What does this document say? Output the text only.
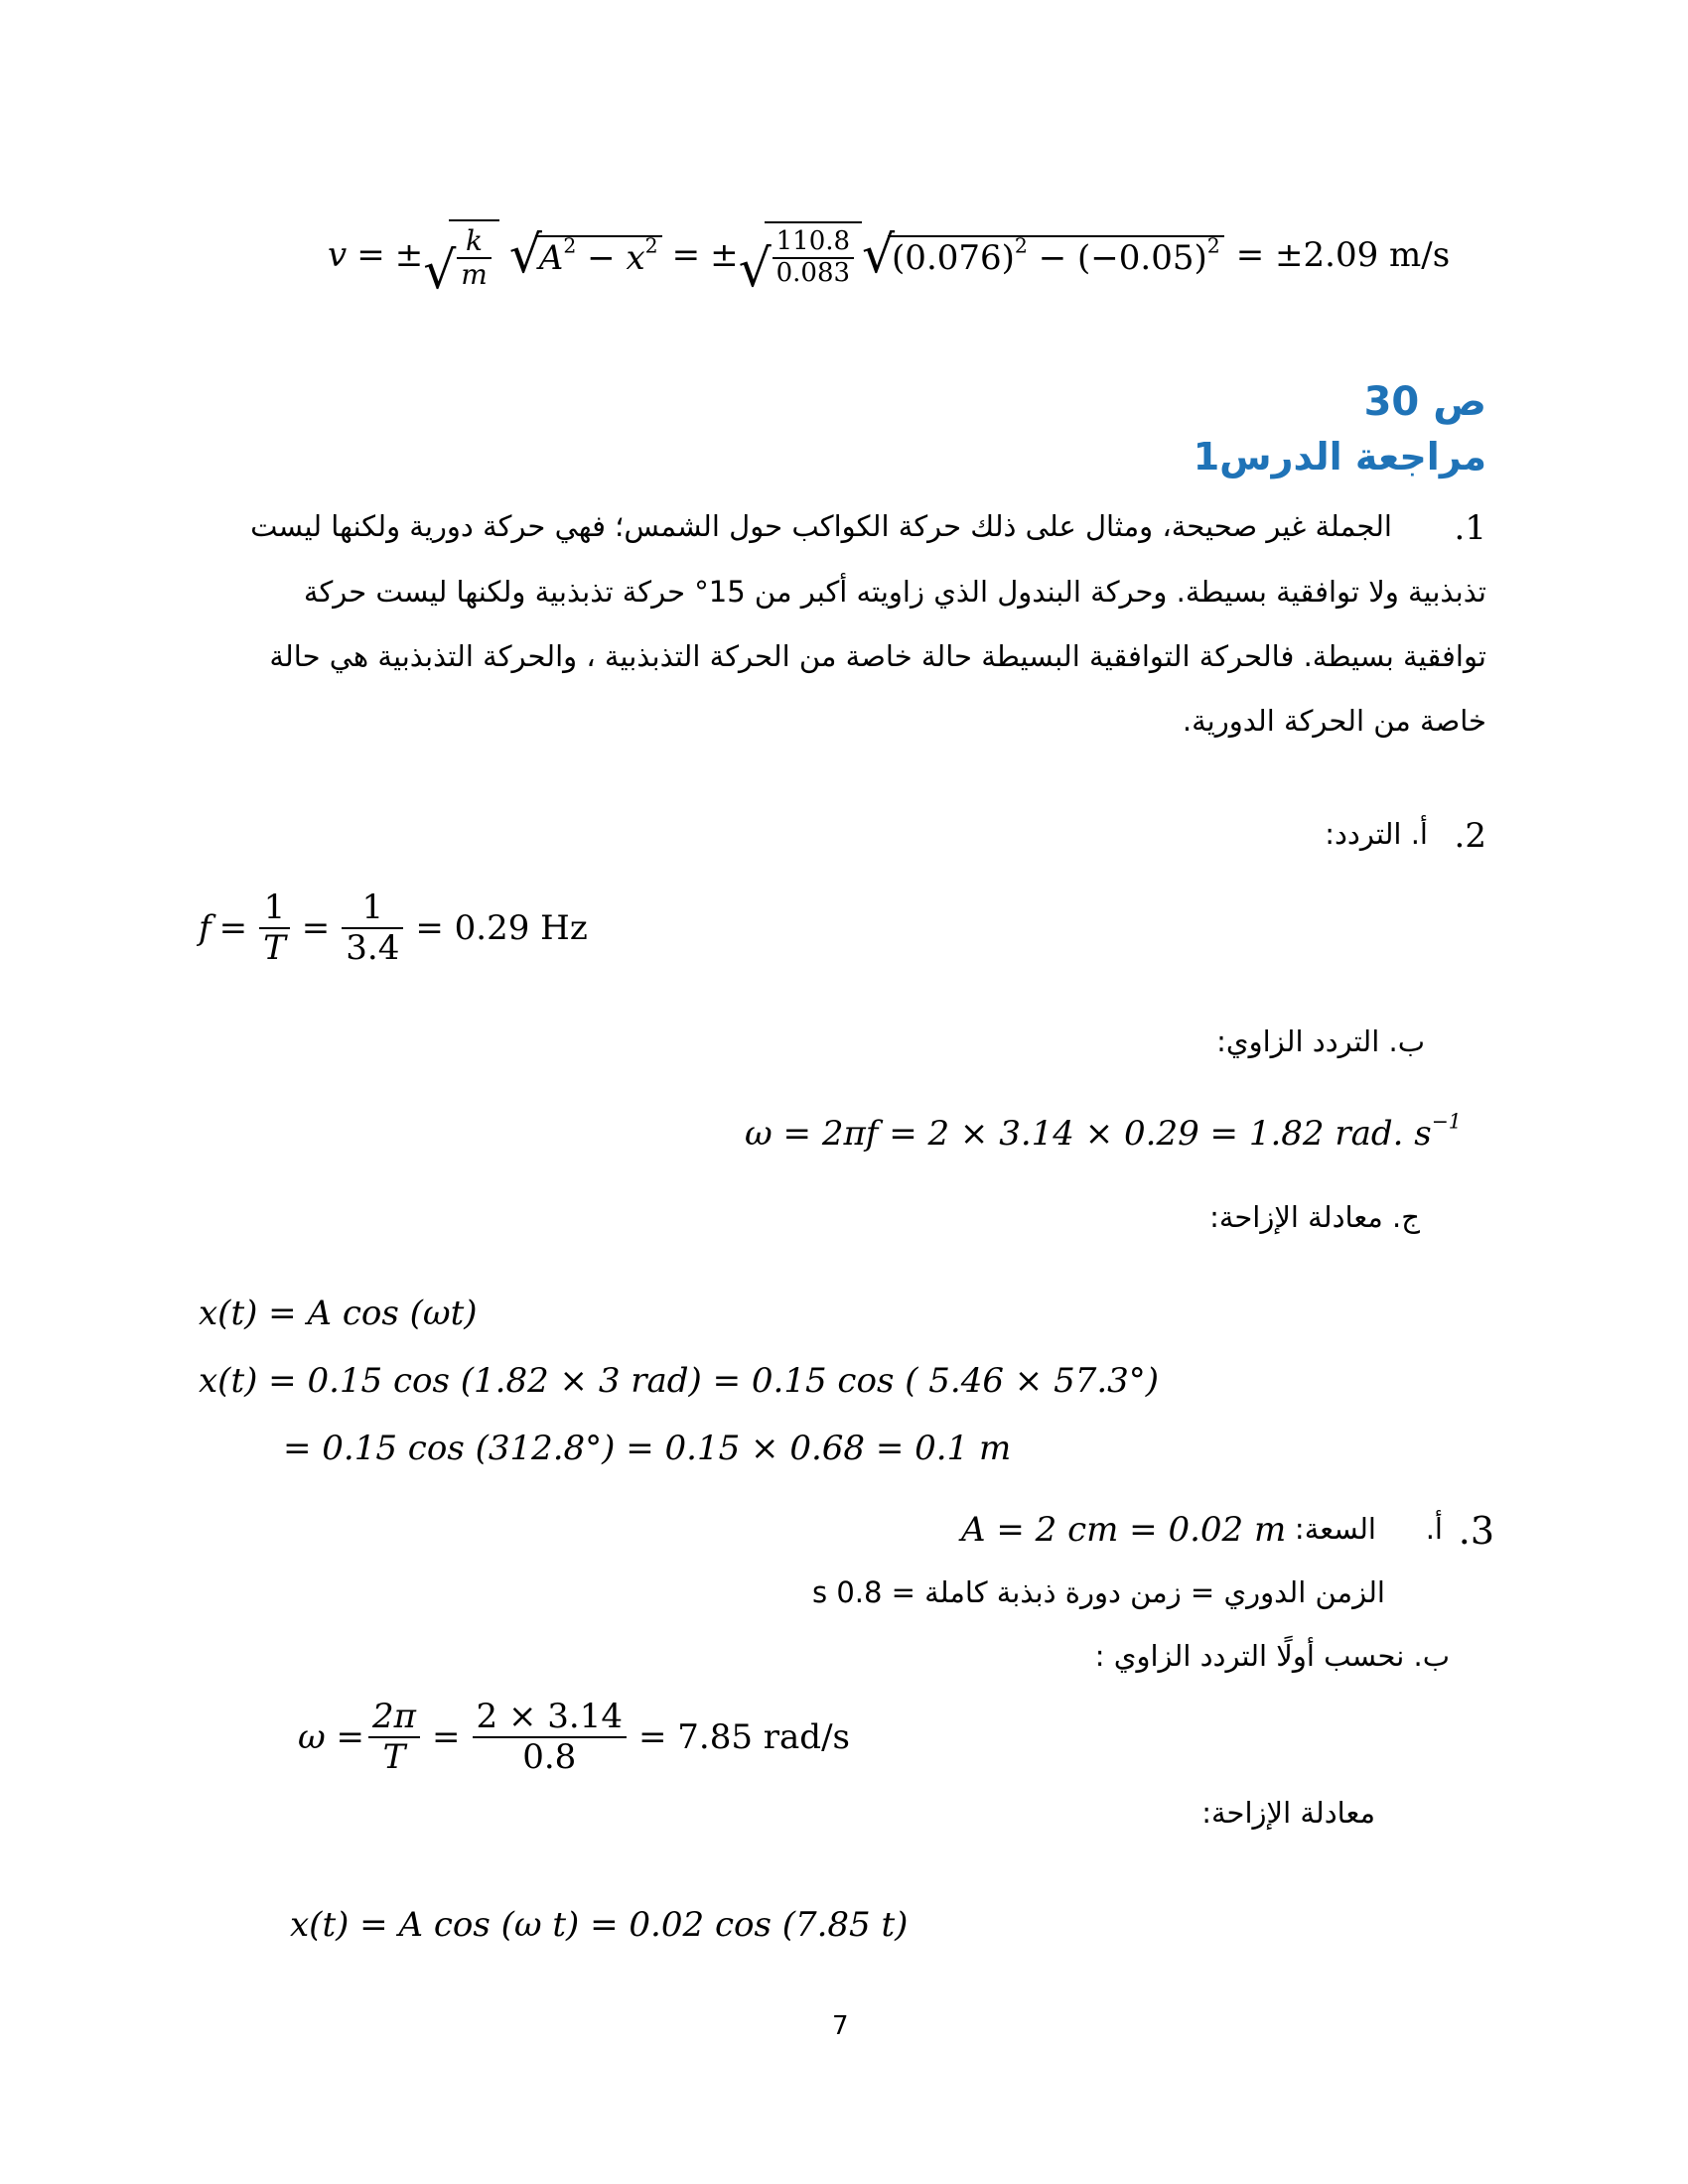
v = ± √ $\frac{k}{m}$	√ $A^2 - x^2$ = ± √ $\frac{110.8}{0.083}$	√ $(0.076)^2 - (-0.05)^2 = \pm 2.09$ m/s
ص 30
مراجعة الدرس1
.1
الجملة غير صحيحة، ومثال على ذلك حركة الكواكب حول الشمس؛ فهي حركة دورية ولكنها ليست
تذبذبية ولا توافقية بسيطة. وحركة البندول الذي زاويته أكبر من 15° حركة تذبذبية ولكنها ليست حركة
توافقية بسيطة. فالحركة التوافقية البسيطة حالة خاصة من الحركة التذبذبية ، والحركة التذبذبية هي حالة
خاصة من الحركة الدورية.
.2
أ. التردد:
$f = \frac{1}{T} = \frac{1}{3.4} = 0.29$ Hz
ب. التردد الزاوي:
ω = 2πf = 2 × 3.14 × 0.29 = 1.82 rad. $s^{-1}$
ج. معادلة الإزاحة:
x(t) = A cos (ωt)
x(t) = 0.15 cos (1.82 × 3 rad) = 0.15 cos ( 5.46 × 57.3°)
= 0.15 cos (312.8°) = 0.15 × 0.68 = 0.1 m
.3
أ.
السعة:
A = 2 cm = 0.02 m
الزمن الدوري = زمن دورة ذبذبة كاملة = 0.8 s
ب. نحسب أولًا التردد الزاوي :
$\omega = \frac{2\pi}{T} = \frac{2 \times 3.14}{0.8} = 7.85$ rad/s
معادلة الإزاحة:
x(t) = A cos (ω t) = 0.02 cos (7.85 t)
7
